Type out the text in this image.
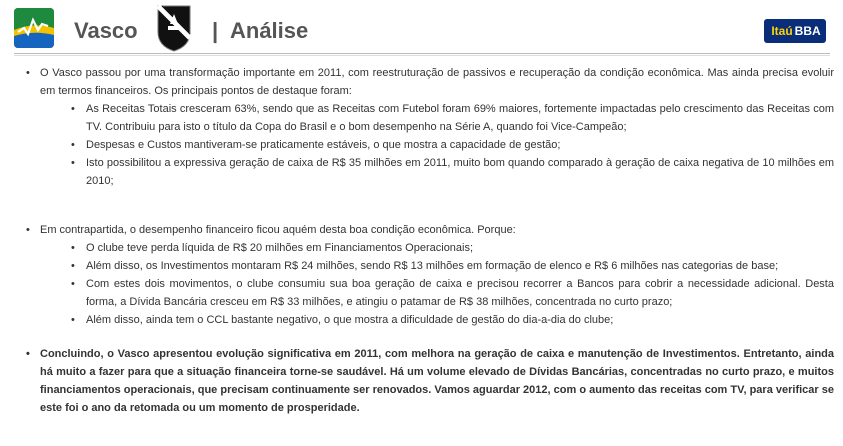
Vasco	| Análise	Itaú BBA

• O Vasco passou por uma transformação importante em 2011, com reestruturação de passivos e recuperação da condição econômica. Mas ainda precisa evoluir em termos financeiros. Os principais pontos de destaque foram:

• As Receitas Totais cresceram 63%, sendo que as Receitas com Futebol foram 69% maiores, fortemente impactadas pelo crescimento das Receitas com TV. Contribuiu para isto o título da Copa do Brasil e o bom desempenho na Série A, quando foi Vice-Campeão;

• Despesas e Custos mantiveram-se praticamente estáveis, o que mostra a capacidade de gestão;

• Isto possibilitou a expressiva geração de caixa de R$ 35 milhões em 2011, muito bom quando comparado à geração de caixa negativa de 10 milhões em 2010;

• Em contrapartida, o desempenho financeiro ficou aquém desta boa condição econômica. Porque:

• O clube teve perda líquida de R$ 20 milhões em Financiamentos Operacionais;

• Além disso, os Investimentos montaram R$ 24 milhões, sendo R$ 13 milhões em formação de elenco e R$ 6 milhões nas categorias de base;

• Com estes dois movimentos, o clube consumiu sua boa geração de caixa e precisou recorrer a Bancos para cobrir a necessidade adicional. Desta forma, a Dívida Bancária cresceu em R$ 33 milhões, e atingiu o patamar de R$ 38 milhões, concentrada no curto prazo;

• Além disso, ainda tem o CCL bastante negativo, o que mostra a dificuldade de gestão do dia-a-dia do clube;

• Concluindo, o Vasco apresentou evolução significativa em 2011, com melhora na geração de caixa e manutenção de Investimentos. Entretanto, ainda há muito a fazer para que a situação financeira torne-se saudável. Há um volume elevado de Dívidas Bancárias, concentradas no curto prazo, e muitos financiamentos operacionais, que precisam continuamente ser renovados. Vamos aguardar 2012, com o aumento das receitas com TV, para verificar se este foi o ano da retomada ou um momento de prosperidade.
